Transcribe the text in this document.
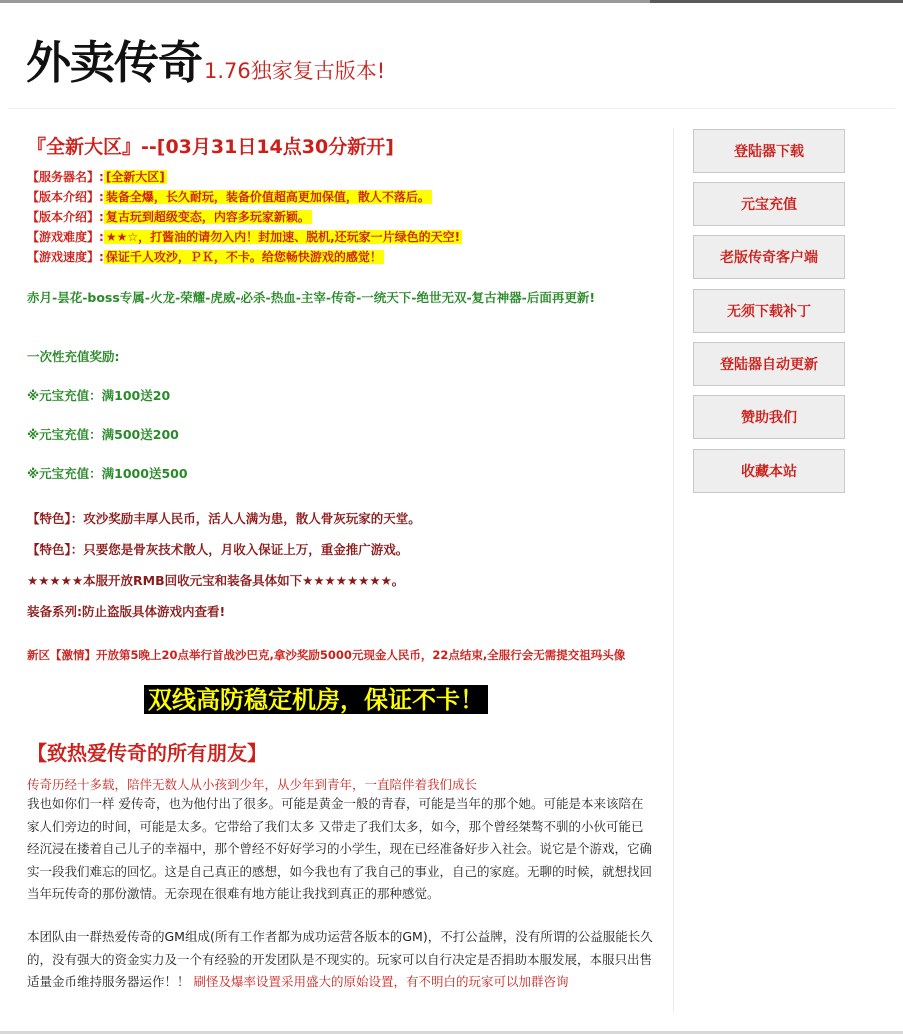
外卖传奇1.76独家复古版本!
『全新大区』--[03月31日14点30分新开]
【服务器名】: [全新大区]
【版本介绍】: 装备全爆，长久耐玩，装备价值超高更加保值，散人不落后。
【版本介绍】: 复古玩到超级变态，内容多玩家新颖。
【游戏难度】: ★★☆，打酱油的请勿入内！封加速、脱机,还玩家一片绿色的天空!
【游戏速度】: 保证千人攻沙，ＰＫ，不卡。给您畅快游戏的感觉！
赤月-昙花-boss专属-火龙-荣耀-虎威-必杀-热血-主宰-传奇-一统天下-绝世无双-复古神器-后面再更新!
一次性充值奖励:
※元宝充值：满100送20
※元宝充值：满500送200
※元宝充值：满1000送500
【特色】：攻沙奖励丰厚人民币，活人人满为患，散人骨灰玩家的天堂。
【特色】：只要您是骨灰技术散人，月收入保证上万，重金推广游戏。
★★★★★本服开放RMB回收元宝和装备具体如下★★★★★★★★。
装备系列:防止盗版具体游戏内查看!
新区【激情】开放第5晚上20点举行首战沙巴克,拿沙奖励5000元现金人民币，22点结束,全服行会无需提交祖玛头像
双线高防稳定机房，保证不卡！
【致热爱传奇的所有朋友】
传奇历经十多载，陪伴无数人从小孩到少年，从少年到青年，一直陪伴着我们成长
我也如你们一样 爱传奇，也为他付出了很多。可能是黄金一般的青春，可能是当年的那个她。可能是本来该陪在家人们旁边的时间，可能是太多。它带给了我们太多 又带走了我们太多，如今，那个曾经桀骜不驯的小伙可能已经沉浸在搂着自己儿子的幸福中，那个曾经不好好学习的小学生，现在已经准备好步入社会。说它是个游戏，它确实一段我们难忘的回忆。这是自己真正的感想，如今我也有了我自己的事业，自己的家庭。无聊的时候，就想找回当年玩传奇的那份激情。无奈现在很难有地方能让我找到真正的那种感觉。
本团队由一群热爱传奇的GM组成(所有工作者都为成功运营各版本的GM)，不打公益牌，没有所谓的公益服能长久的，没有强大的资金实力及一个有经验的开发团队是不现实的。玩家可以自行决定是否捐助本服发展，本服只出售适量金币维持服务器运作！！ 刷怪及爆率设置采用盛大的原始设置，有不明白的玩家可以加群咨询
登陆器下载
元宝充值
老版传奇客户端
无须下载补丁
登陆器自动更新
赞助我们
收藏本站
